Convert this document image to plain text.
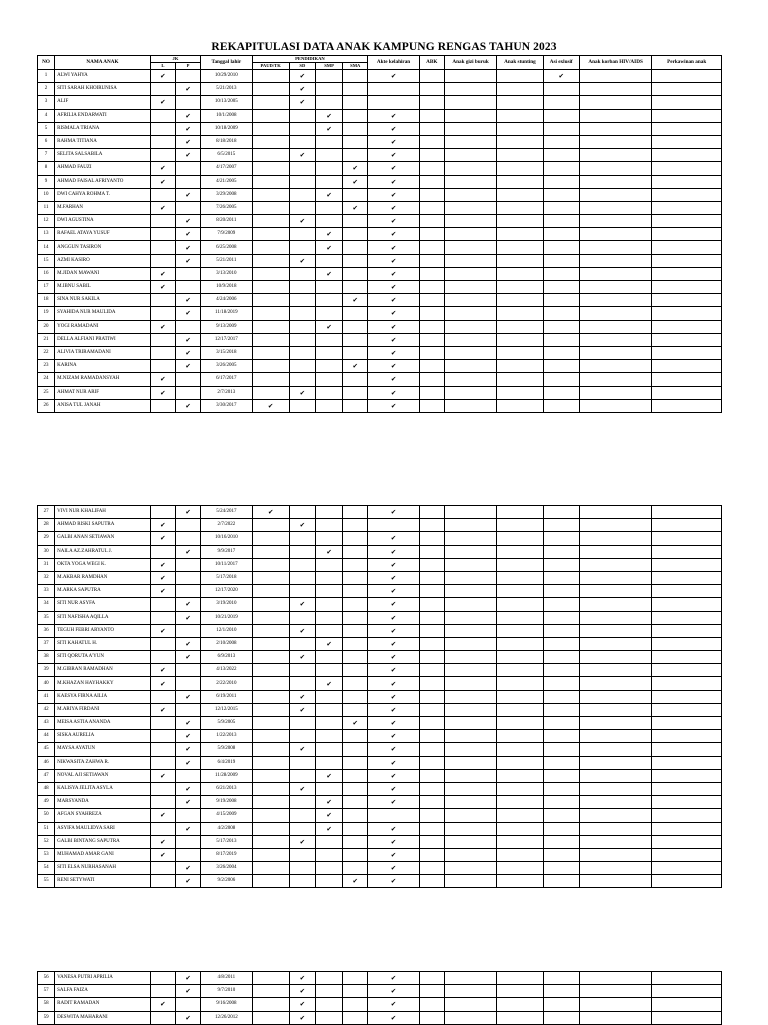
REKAPITULASI DATA ANAK KAMPUNG RENGAS TAHUN 2023
NO	NAMA ANAK	JK		Tanggal lahir	PENDIDIKAN				Akte kelahiran	ABK	Anak gizi buruk	Anak stunting	Asi exlusif	Anak korban HIV/AIDS	Perkawinan anak
		L	P		PAUD/TK	SD	SMP	SMA							
1	ALWI YAHYA	✔		10/29/2010		✔			✔				✔		
2	SITI SARAH KHOIRUNISA		✔	5/21/2013		✔									
3	ALIF	✔		10/13/2005		✔									
4	AFRILIA ENDARWATI		✔	10/1/2008			✔		✔						
5	RISMALA TRIANA		✔	10/18/2009			✔		✔						
6	RAHMA TITIANA		✔	8/18/2018					✔						
7	SELITA SALSABILA		✔	6/5/2015		✔			✔						
8	AHMAD FAUZI	✔		4/17/2007				✔	✔						
9	AHMAD FAISAL AFRIYANTO	✔		4/21/2005				✔	✔						
10	DWI CAHYA ROHMA T.		✔	3/29/2008			✔		✔						
11	M.FARHAN	✔		7/26/2005				✔	✔						
12	DWI AGUSTINA		✔	8/20/2011		✔			✔						
13	RAFAEL ATAYA YUSUF		✔	7/9/2009			✔		✔						
14	ANGGUN TASIRON		✔	6/25/2008			✔		✔						
15	AZMI KASIRO		✔	5/21/2011		✔			✔						
16	M.JIDAN MAWANI	✔		3/13/2010			✔		✔						
17	M.IBNU SABIL	✔		10/9/2018					✔						
18	SINA NUR SAKILA		✔	4/24/2006				✔	✔						
19	SYAHIDA NUR MAULIDA		✔	11/18/2019					✔						
20	YOGI RAMADANI	✔		9/13/2009			✔		✔						
21	DELLA ALFIANI PRATIWI		✔	12/17/2017					✔						
22	ALIVIA TRIRAMADANI		✔	3/15/2018					✔						
23	KARINA		✔	3/26/2005				✔	✔						
24	M.NIZAM RAMADANSYAH	✔		6/17/2017					✔						
25	AHMAT NUR ARIF	✔		2/7/2013		✔			✔						
26	ANISA TUL JANAH		✔	3/30/2017	✔				✔						
27	VIVI NUR KHALIFAH		✔	5/24/2017	✔				✔						
28	AHMAD RISKI SAPUTRA	✔		2/7/2022		✔									
29	GALBI ANAN SETIAWAN	✔		10/16/2010					✔						
30	NAILA AZ.ZAHRATUL J.		✔	9/9/2017			✔		✔						
31	OKTA YOGA WEGI K.	✔		10/11/2017					✔						
32	M.AKBAR RAMDHAN	✔		5/17/2018					✔						
33	M.ARKA SAPUTRA	✔		12/17/2020					✔						
34	SITI NUR ASYFA		✔	3/19/2010		✔			✔						
35	SITI NAFISHA AQILLA		✔	10/21/2019					✔						
36	TEGUH FEBRI ARYANTO	✔		12/1/2010		✔			✔						
37	SITI KAHATUL H.		✔	2/10/2008			✔		✔						
38	SITI QORUTA A'YUN		✔	6/9/2013		✔			✔						
39	M.GIBRAN RAMADHAN	✔		4/13/2022					✔						
40	M.KHAZAN HAYHAKKY	✔		2/22/2010			✔		✔						
41	KAESYA FIRNA AILIA		✔	6/19/2011		✔			✔						
42	M.ARIYA FIRDANI	✔		12/12/2015		✔			✔						
43	MEISA ASTIA ANANDA		✔	5/9/2005				✔	✔						
44	SISKA AURELIA		✔	1/22/2013					✔						
45	MAYSA AYATUN		✔	5/9/2008		✔			✔						
46	NIKWASITA ZAHWA R.		✔	6/4/2019					✔						
47	NOVAL AJI SETIAWAN	✔		11/28/2009			✔		✔						
48	KALISYA JELITA ASYLA		✔	6/21/2013		✔			✔						
49	MARSYANDA		✔	9/19/2008			✔		✔						
50	AFGAN SYAHREZA	✔		4/15/2009			✔								
51	ASYIFA MAULIDYA SARI		✔	4/2/2008			✔		✔						
52	GALBI BINTANG SAPUTRA	✔		5/17/2013		✔			✔						
53	MUHAMAD AMAR GANI	✔		8/17/2019					✔						
54	SITI ELSA NURHASANAH		✔	3/26/2004					✔						
55	RENI SETYWATI		✔	9/2/2006				✔	✔						
56	VANESA PUTRI APRILIA		✔	4/8/2011		✔			✔						
57	SALFA FAIZA		✔	9/7/2010		✔			✔						
58	RADIT RAMADAN	✔		9/16/2008		✔			✔						
59	DESWITA MAHARANI		✔	12/26/2012		✔			✔						
